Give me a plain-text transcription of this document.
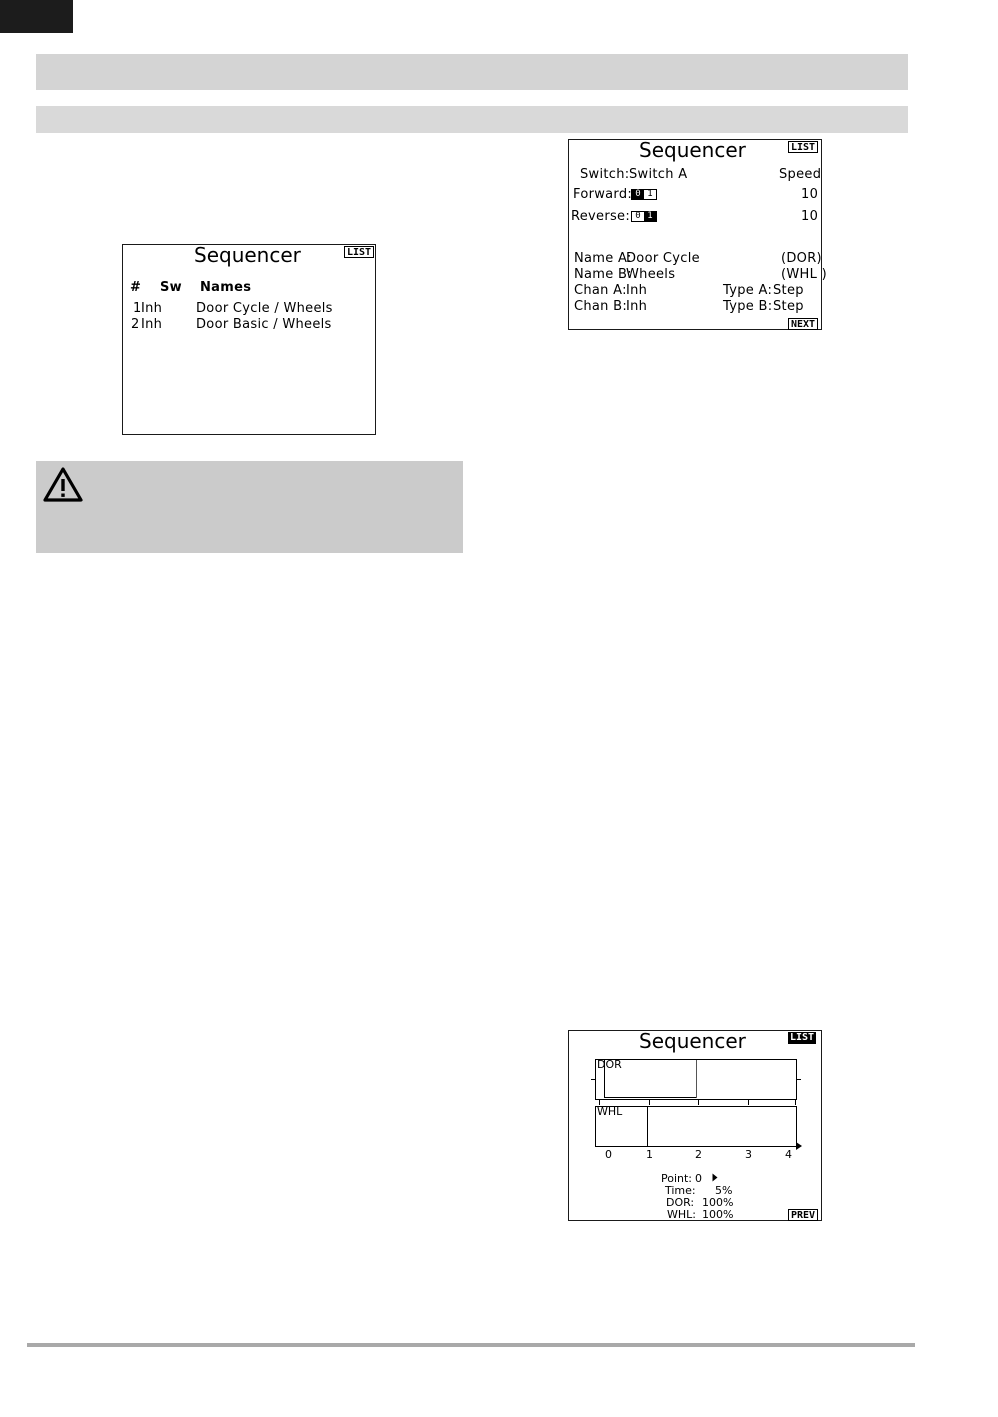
Sequencer	LIST
# Sw Names
1 Inh	Door Cycle / Wheels
2 Inh	Door Basic / Wheels
Sequencer	LIST
Switch: Switch A	Speed
Forward: 0 1	10
Reverse: 0 1	10
Name A:
Door Cycle	(DOR)
Name B:
Wheels	(WHL )
Chan A: Inh	Type A: Step
Chan B:
Inh	Type B: Step
NEXT
Sequencer	LIST
DOR
WHL
0	1	2	3	4
Point: 0
Time: 5%
DOR: 100%
WHL: 100%	PREV
